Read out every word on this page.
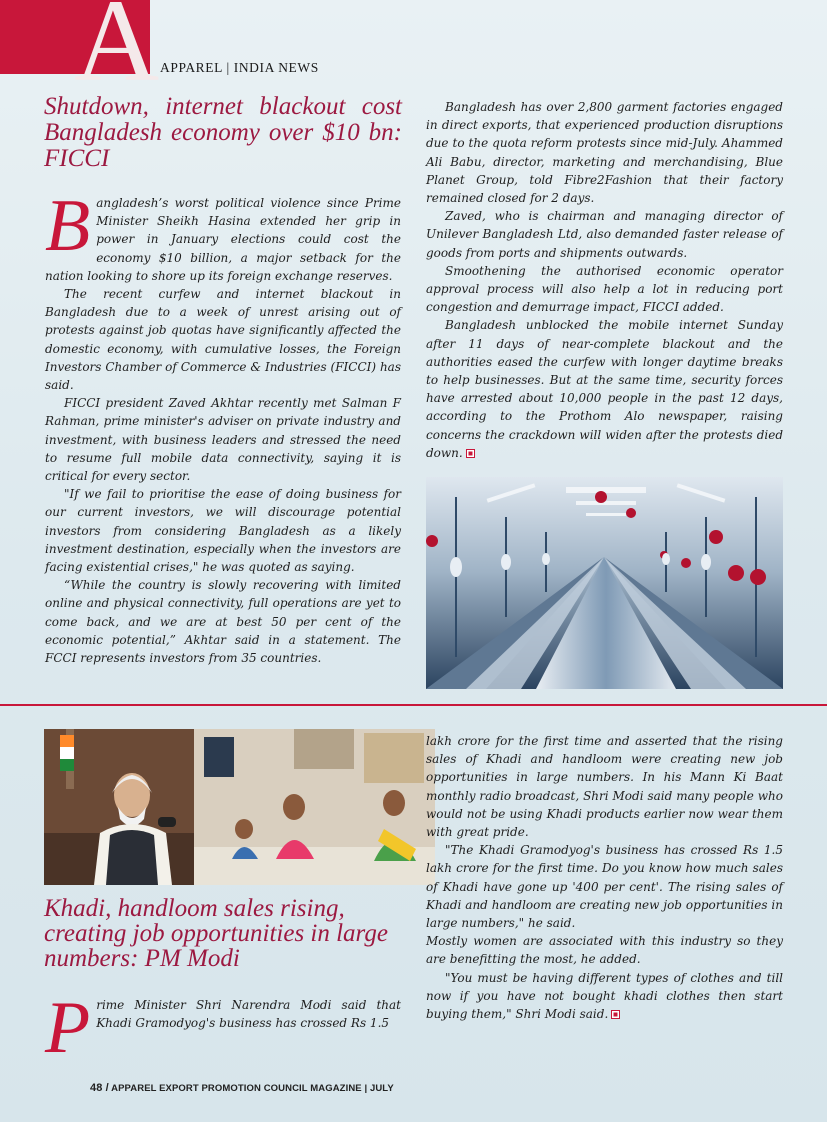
A APPAREL | INDIA NEWS
Shutdown, internet blackout cost Bangladesh economy over $10 bn: FICCI

Bangladesh’s worst political violence since Prime Minister Sheikh Hasina extended her grip in power in January elections could cost the economy $10 billion, a major setback for the nation looking to shore up its foreign exchange reserves.

The recent curfew and internet blackout in Bangladesh due to a week of unrest arising out of protests against job quotas have significantly affected the domestic economy, with cumulative losses, the Foreign Investors Chamber of Commerce & Industries (FICCI) has said.

FICCI president Zaved Akhtar recently met Salman F Rahman, prime minister's adviser on private industry and investment, with business leaders and stressed the need to resume full mobile data connectivity, saying it is critical for every sector.

"If we fail to prioritise the ease of doing business for our current investors, we will discourage potential investors from considering Bangladesh as a likely investment destination, especially when the investors are facing existential crises," he was quoted as saying.

“While the country is slowly recovering with limited online and physical connectivity, full operations are yet to come back, and we are at best 50 per cent of the economic potential,” Akhtar said in a statement. The FCCI represents investors from 35 countries.

Bangladesh has over 2,800 garment factories engaged in direct exports, that experienced production disruptions due to the quota reform protests since mid-July. Ahammed Ali Babu, director, marketing and merchandising, Blue Planet Group, told Fibre2Fashion that their factory remained closed for 2 days.

Zaved, who is chairman and managing director of Unilever Bangladesh Ltd, also demanded faster release of goods from ports and shipments outwards.

Smoothening the authorised economic operator approval process will also help a lot in reducing port congestion and demurrage impact, FICCI added.

Bangladesh unblocked the mobile internet Sunday after 11 days of near-complete blackout and the authorities eased the curfew with longer daytime breaks to help businesses. But at the same time, security forces have arrested about 10,000 people in the past 12 days, according to the Prothom Alo newspaper, raising concerns the crackdown will widen after the protests died down.

Khadi, handloom sales rising, creating job opportunities in large numbers: PM Modi

lakh crore for the first time and asserted that the rising sales of Khadi and handloom were creating new job opportunities in large numbers. In his Mann Ki Baat monthly radio broadcast, Shri Modi said many people who would not be using Khadi products earlier now wear them with great pride.

"The Khadi Gramodyog's business has crossed Rs 1.5 lakh crore for the first time. Do you know how much sales of Khadi have gone up '400 per cent'. The rising sales of Khadi and handloom are creating new job opportunities in large numbers," he said.

Mostly women are associated with this industry so they are benefitting the most, he added.

"You must be having different types of clothes and till now if you have not bought khadi clothes then start buying them," Shri Modi said.

Prime Minister Shri Narendra Modi said that Khadi Gramodyog's business has crossed Rs 1.5

48 / APPAREL EXPORT PROMOTION COUNCIL MAGAZINE | JULY
